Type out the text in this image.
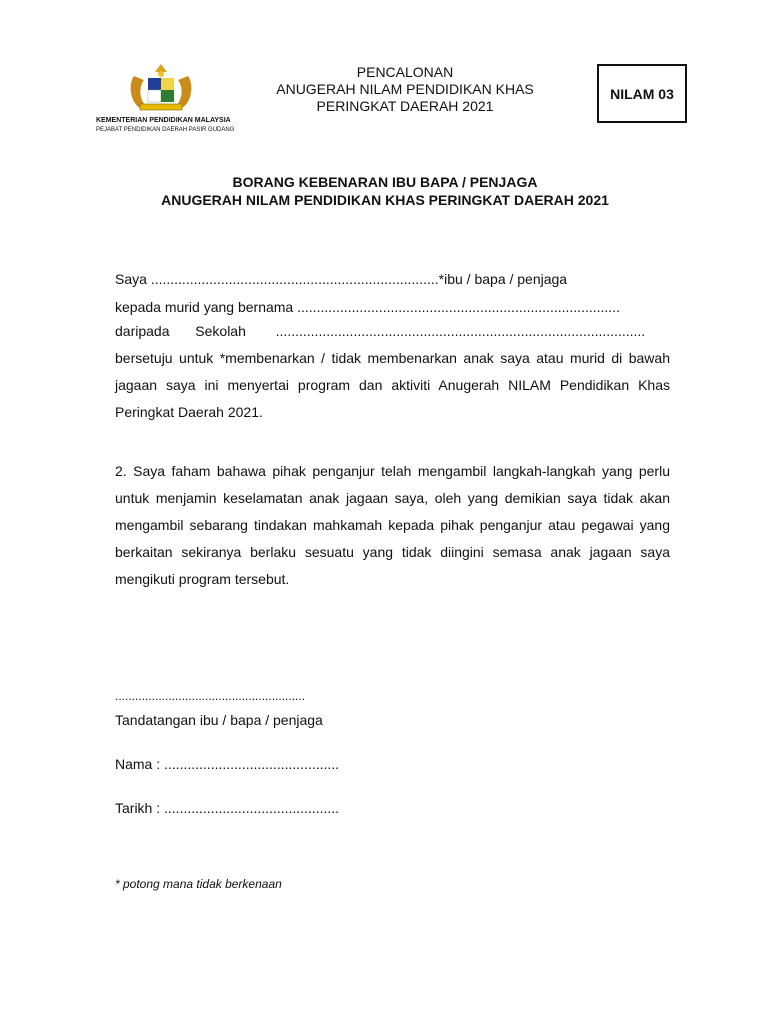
KEMENTERIAN PENDIDIKAN MALAYSIA
PEJABAT PENDIDIKAN DAERAH PASIR GUDANG
PENCALONAN
ANUGERAH NILAM PENDIDIKAN KHAS
PERINGKAT DAERAH 2021
NILAM 03
BORANG KEBENARAN IBU BAPA / PENJAGA
ANUGERAH NILAM PENDIDIKAN KHAS PERINGKAT DAERAH 2021
Saya ..........................................................................*ibu / bapa / penjaga
kepada murid yang bernama ...................................................................................
daripada Sekolah ...............................................................................................
bersetuju untuk *membenarkan / tidak membenarkan anak saya atau murid di bawah jagaan saya ini menyertai program dan aktiviti Anugerah NILAM Pendidikan Khas Peringkat Daerah 2021.
2. Saya faham bahawa pihak penganjur telah mengambil langkah-langkah yang perlu untuk menjamin keselamatan anak jagaan saya, oleh yang demikian saya tidak akan mengambil sebarang tindakan mahkamah kepada pihak penganjur atau pegawai yang berkaitan sekiranya berlaku sesuatu yang tidak diingini semasa anak jagaan saya mengikuti program tersebut.
.........................................................
Tandatangan ibu / bapa / penjaga
Nama : .............................................
Tarikh : .............................................
* potong mana tidak berkenaan
